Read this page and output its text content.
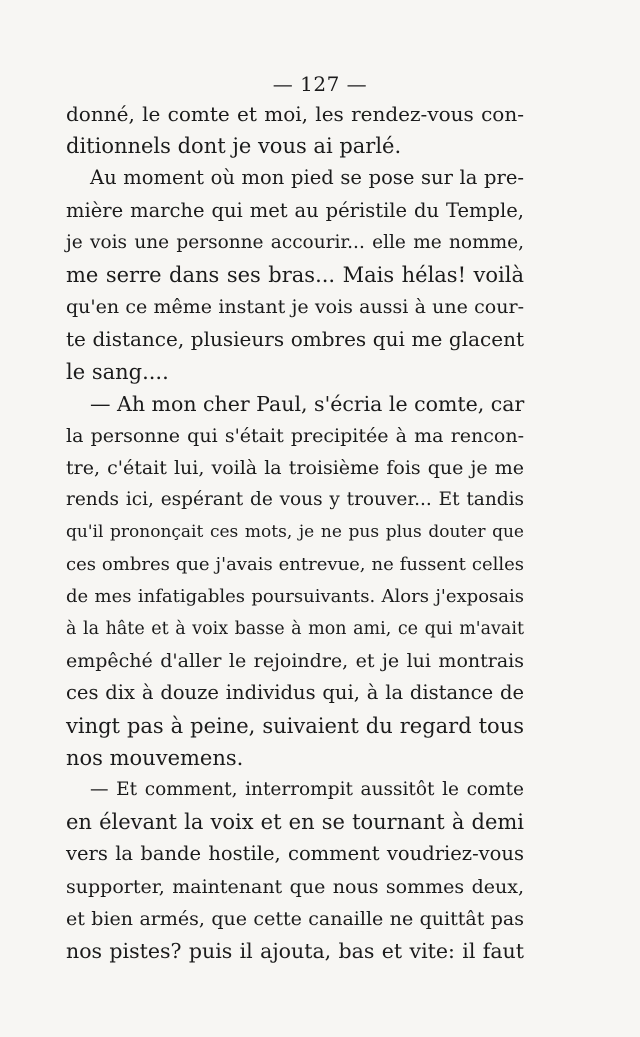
— 127 —
donné, le comte et moi, les rendez-vous con-
ditionnels dont je vous ai parlé.
Au moment où mon pied se pose sur la pre-
mière marche qui met au péristile du Temple,
je vois une personne accourir... elle me nomme,
me serre dans ses bras... Mais hélas! voilà
qu'en ce même instant je vois aussi à une cour-
te distance, plusieurs ombres qui me glacent
le sang....
— Ah mon cher Paul, s'écria le comte, car
la personne qui s'était precipitée à ma rencon-
tre, c'était lui, voilà la troisième fois que je me
rends ici, espérant de vous y trouver... Et tandis
qu'il prononçait ces mots, je ne pus plus douter que
ces ombres que j'avais entrevue, ne fussent celles
de mes infatigables poursuivants. Alors j'exposais
à la hâte et à voix basse à mon ami, ce qui m'avait
empêché d'aller le rejoindre, et je lui montrais
ces dix à douze individus qui, à la distance de
vingt pas à peine, suivaient du regard tous
nos mouvemens.
— Et comment, interrompit aussitôt le comte
en élevant la voix et en se tournant à demi
vers la bande hostile, comment voudriez-vous
supporter, maintenant que nous sommes deux,
et bien armés, que cette canaille ne quittât pas
nos pistes? puis il ajouta, bas et vite: il faut
